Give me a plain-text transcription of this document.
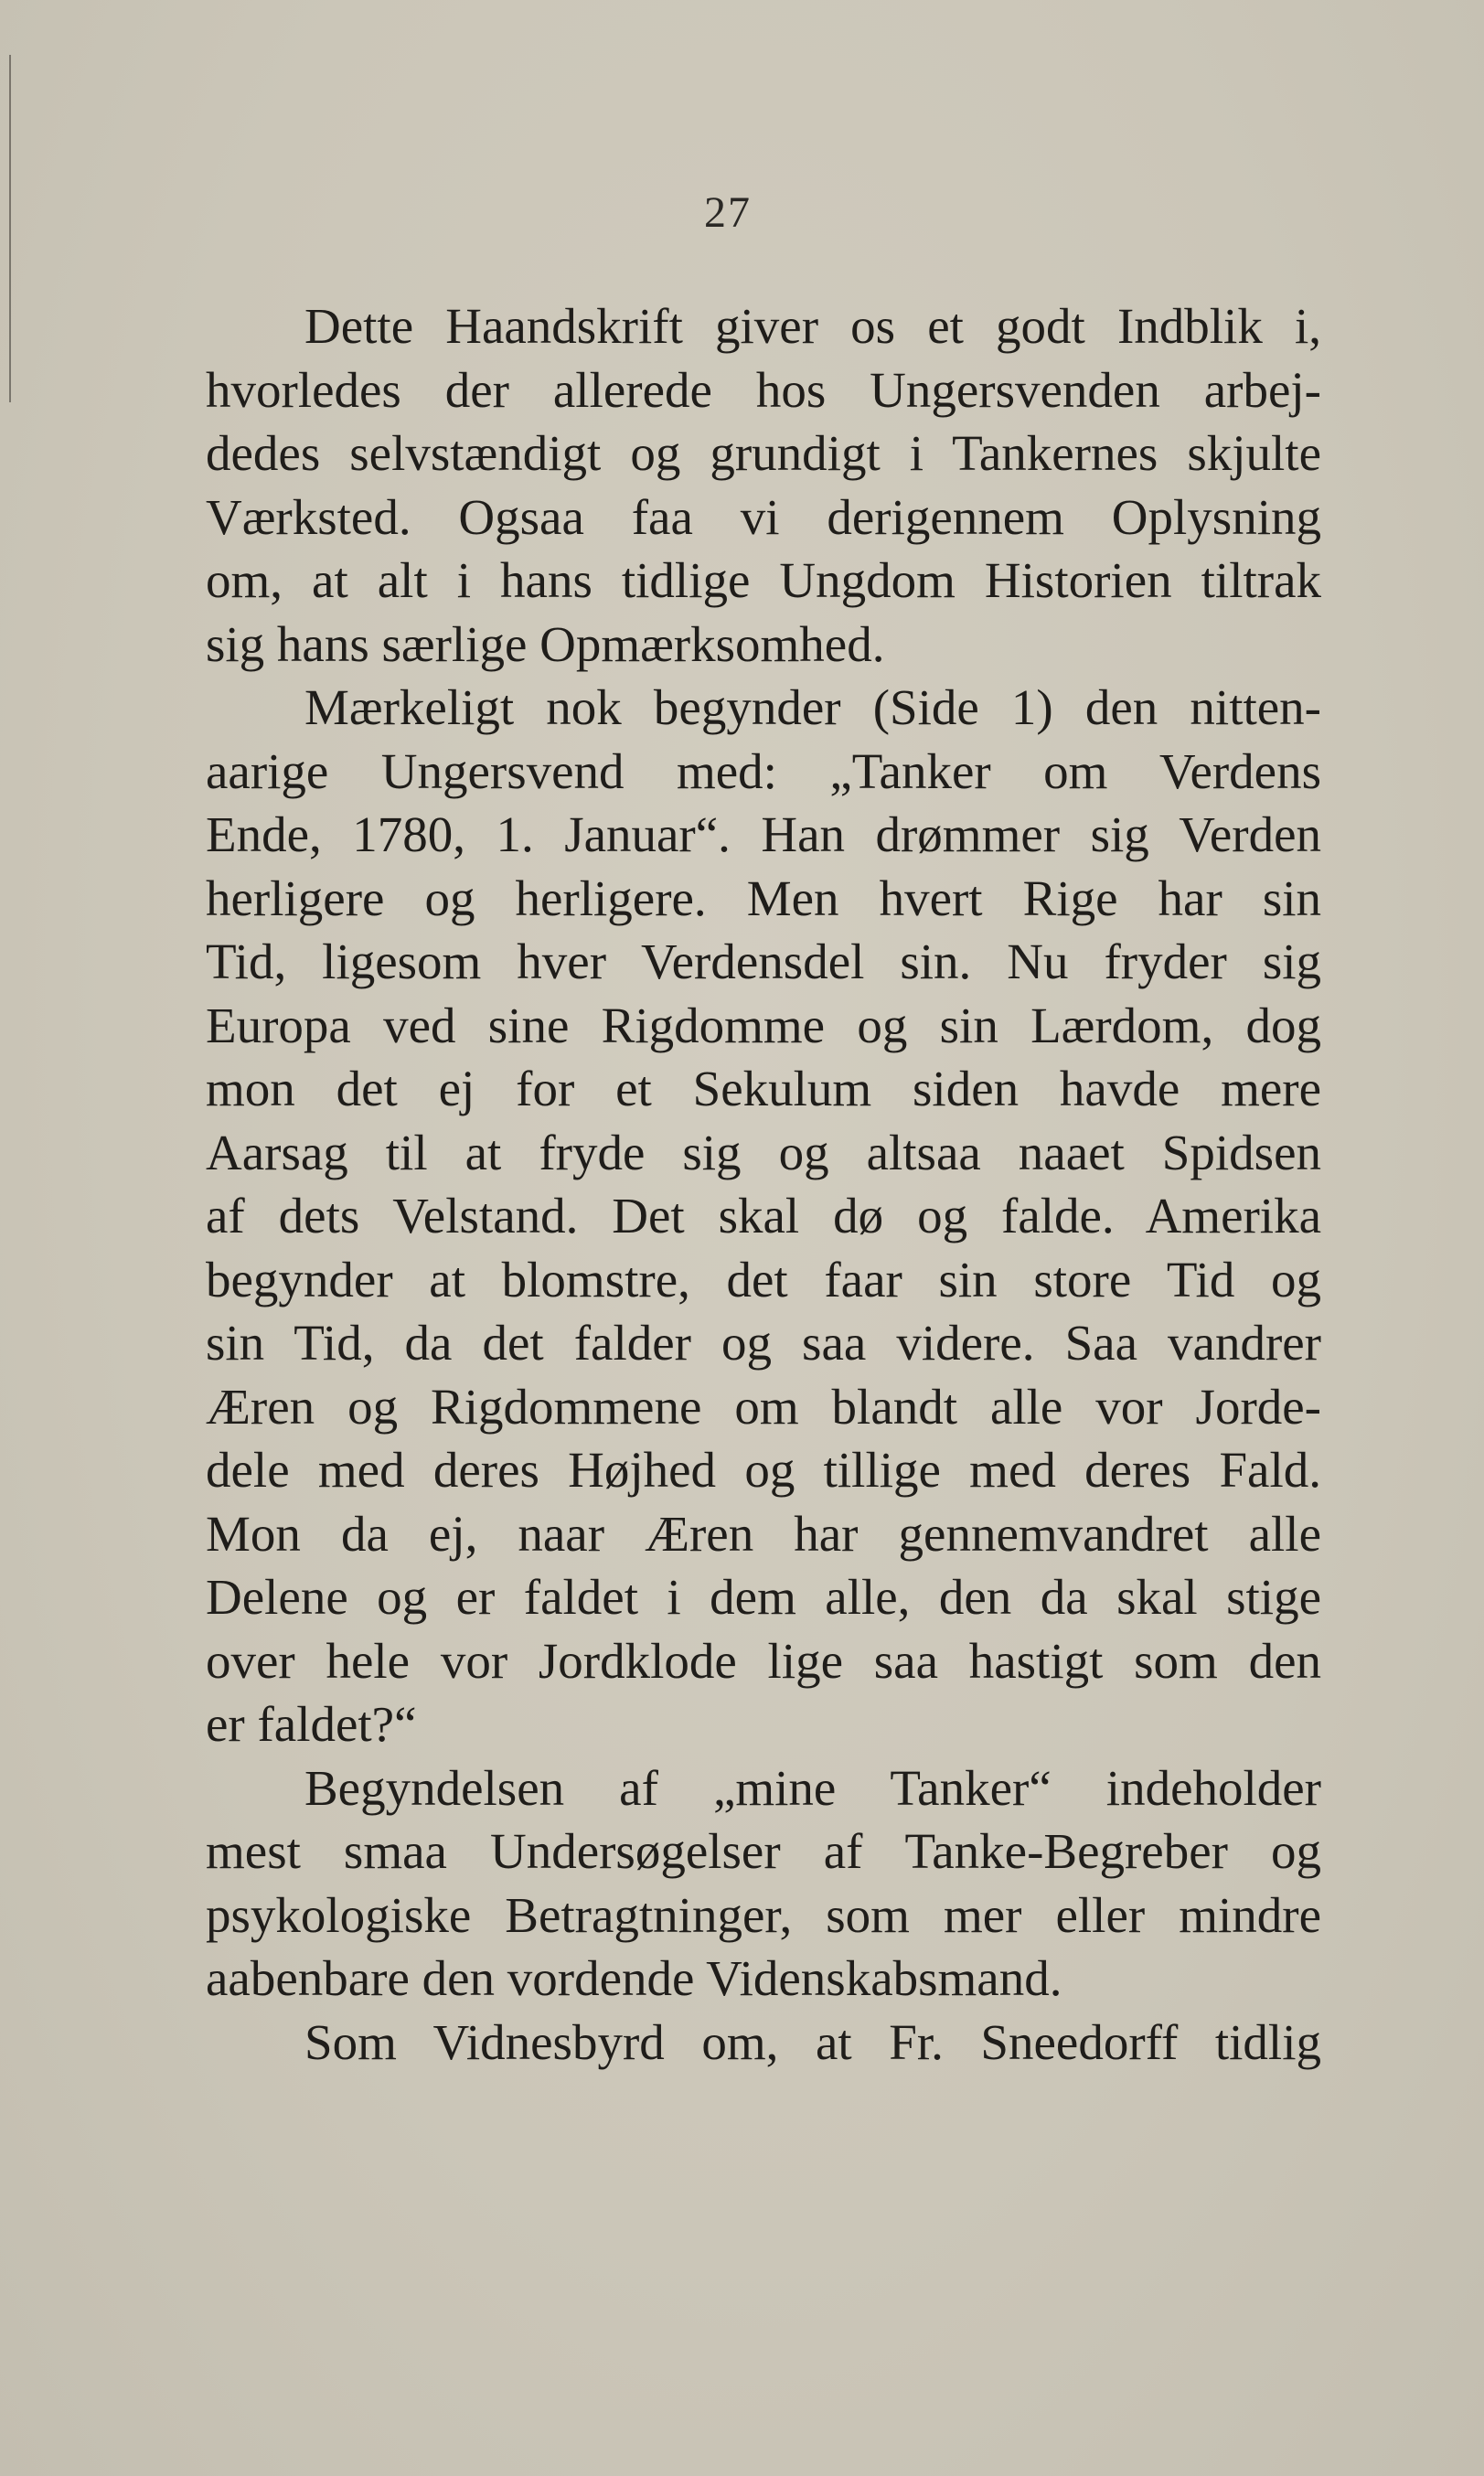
27
Dette Haandskrift giver os et godt Indblik i,
hvorledes der allerede hos Ungersvenden arbej-
dedes selvstændigt og grundigt i Tankernes skjulte
Værksted. Ogsaa faa vi derigennem Oplysning
om, at alt i hans tidlige Ungdom Historien tiltrak
sig hans særlige Opmærksomhed.
Mærkeligt nok begynder (Side 1) den nitten-
aarige Ungersvend med: „Tanker om Verdens
Ende, 1780, 1. Januar“. Han drømmer sig Verden
herligere og herligere. Men hvert Rige har sin
Tid, ligesom hver Verdensdel sin. Nu fryder sig
Europa ved sine Rigdomme og sin Lærdom, dog
mon det ej for et Sekulum siden havde mere
Aarsag til at fryde sig og altsaa naaet Spidsen
af dets Velstand. Det skal dø og falde. Amerika
begynder at blomstre, det faar sin store Tid og
sin Tid, da det falder og saa videre. Saa vandrer
Æren og Rigdommene om blandt alle vor Jorde-
dele med deres Højhed og tillige med deres Fald.
Mon da ej, naar Æren har gennemvandret alle
Delene og er faldet i dem alle, den da skal stige
over hele vor Jordklode lige saa hastigt som den
er faldet?“
Begyndelsen af „mine Tanker“ indeholder
mest smaa Undersøgelser af Tanke-Begreber og
psykologiske Betragtninger, som mer eller mindre
aabenbare den vordende Videnskabsmand.
Som Vidnesbyrd om, at Fr. Sneedorff tidlig
